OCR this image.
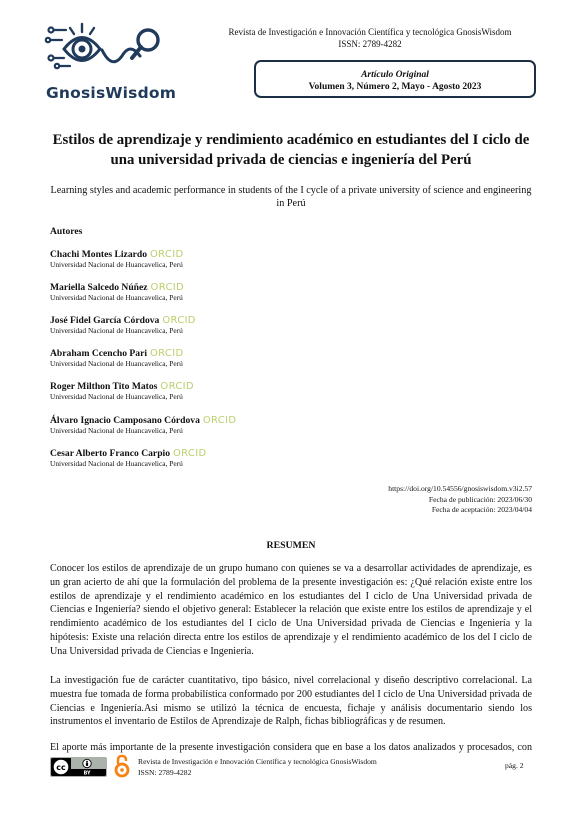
GnosisWisdom
Revista de Investigación e Innovación Científica y tecnológica GnosisWisdom
ISSN: 2789-4282
Artículo Original
Volumen 3, Número 2, Mayo - Agosto 2023
Estilos de aprendizaje y rendimiento académico en estudiantes del I ciclo de una universidad privada de ciencias e ingeniería del Perú
Learning styles and academic performance in students of the I cycle of a private university of science and engineering in Perú
Autores
Chachi Montes Lizardo ORCID
Universidad Nacional de Huancavelica, Perú
Mariella Salcedo Núñez ORCID
Universidad Nacional de Huancavelica, Perú
José Fidel García Córdova ORCID
Universidad Nacional de Huancavelica, Perú
Abraham Ccencho Pari ORCID
Universidad Nacional de Huancavelica, Perú
Roger Milthon Tito Matos ORCID
Universidad Nacional de Huancavelica, Perú
Álvaro Ignacio Camposano Córdova ORCID
Universidad Nacional de Huancavelica, Perú
Cesar Alberto Franco Carpio ORCID
Universidad Nacional de Huancavelica, Perú
https://doi.org/10.54556/gnosiswisdom.v3i2.57
Fecha de publicación: 2023/06/30
Fecha de aceptación: 2023/04/04
RESUMEN

Conocer los estilos de aprendizaje de un grupo humano con quienes se va a desarrollar actividades de aprendizaje, es un gran acierto de ahí que la formulación del problema de la presente investigación es: ¿Qué relación existe entre los estilos de aprendizaje y el rendimiento académico en los estudiantes del I ciclo de Una Universidad privada de Ciencias e Ingeniería? siendo el objetivo general: Establecer la relación que existe entre los estilos de aprendizaje y el rendimiento académico de los estudiantes del I ciclo de Una Universidad privada de Ciencias e Ingeniería y la hipótesis: Existe una relación directa entre los estilos de aprendizaje y el rendimiento académico de los del I ciclo de Una Universidad privada de Ciencias e Ingeniería.

La investigación fue de carácter cuantitativo, tipo básico, nivel correlacional y diseño descriptivo correlacional. La muestra fue tomada de forma probabilística conformado por 200 estudiantes del I ciclo de Una Universidad privada de Ciencias e Ingeniería.Asi mismo se utilizó la técnica de encuesta, fichaje y análisis documentario siendo los instrumentos el inventario de Estilos de Aprendizaje de Ralph, fichas bibliográficas y de resumen.

El aporte más importante de la presente investigación considera que en base a los datos analizados y procesados, con

cc
BY
Revista de Investigación e Innovación Científica y tecnológica GnosisWisdom
ISSN: 2789-4282
pág. 2
